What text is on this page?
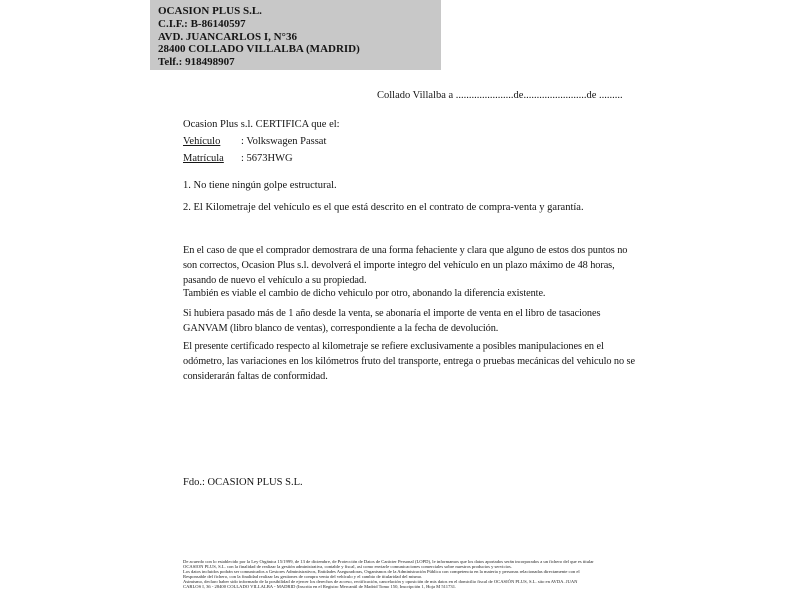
OCASION PLUS S.L.
C.I.F.: B-86140597
AVD. JUANCARLOS I, N°36
28400 COLLADO VILLALBA (MADRID)
Telf.: 918498907
Collado Villalba a ......................de........................de .........
Ocasion Plus s.l. CERTIFICA que el:
Vehículo : Volkswagen Passat
Matrícula : 5673HWG
1. No tiene ningún golpe estructural.
2. El Kilometraje del vehículo es el que está descrito en el contrato de compra-venta y garantía.
En el caso de que el comprador demostrara de una forma fehaciente y clara que alguno de estos dos puntos no son correctos, Ocasion Plus s.l. devolverá el importe integro del vehículo en un plazo máximo de 48 horas, pasando de nuevo el vehículo a su propiedad.
También es viable el cambio de dicho vehiculo por otro, abonando la diferencia existente.
Si hubiera pasado más de 1 año desde la venta, se abonaría el importe de venta en el libro de tasaciones GANVAM (libro blanco de ventas), correspondiente a la fecha de devolución.
El presente certificado respecto al kilometraje se refiere exclusivamente a posibles manipulaciones en el odómetro, las variaciones en los kilómetros fruto del transporte, entrega o pruebas mecánicas del vehiculo no se considerarán faltas de conformidad.
Fdo.: OCASION PLUS S.L.
De acuerdo con lo establecido por la Ley Orgánica 15/1999, de 13 de diciembre, de Protección de Datos de Carácter Personal (LOPD), le informamos que los datos aportados serán incorporados a un fichero del que es titular
OCASION PLUS, S.L. con la finalidad de realizar la gestión administrativa, contable y fiscal, así como enviarle comunicaciones comerciales sobre nuestros productos y servicios.
Los datos incluidos podrán ser comunicados a Gestores Administrativos, Entidades Aseguradoras, Organismos de la Administración Pública con competencia en la materia y personas relacionadas directamente con el
Responsable del fichero, con la finalidad realizar las gestiones de compra venta del vehículo y el cambio de titularidad del mismo.
Asimismo, declaro haber sido informado de la posibilidad de ejercer los derechos de acceso, rectificación, cancelación y oposición de mis datos en el domicilio fiscal de OCASIÓN PLUS, S.L. sito en AVDA. JUAN
CARLOS I, 36 - 28400 COLLADO VILLALBA - MADRID (Inscrita en el Registro Mercantil de Madrid Tomo 150, Inscripción 1, Hoja M 511731.
